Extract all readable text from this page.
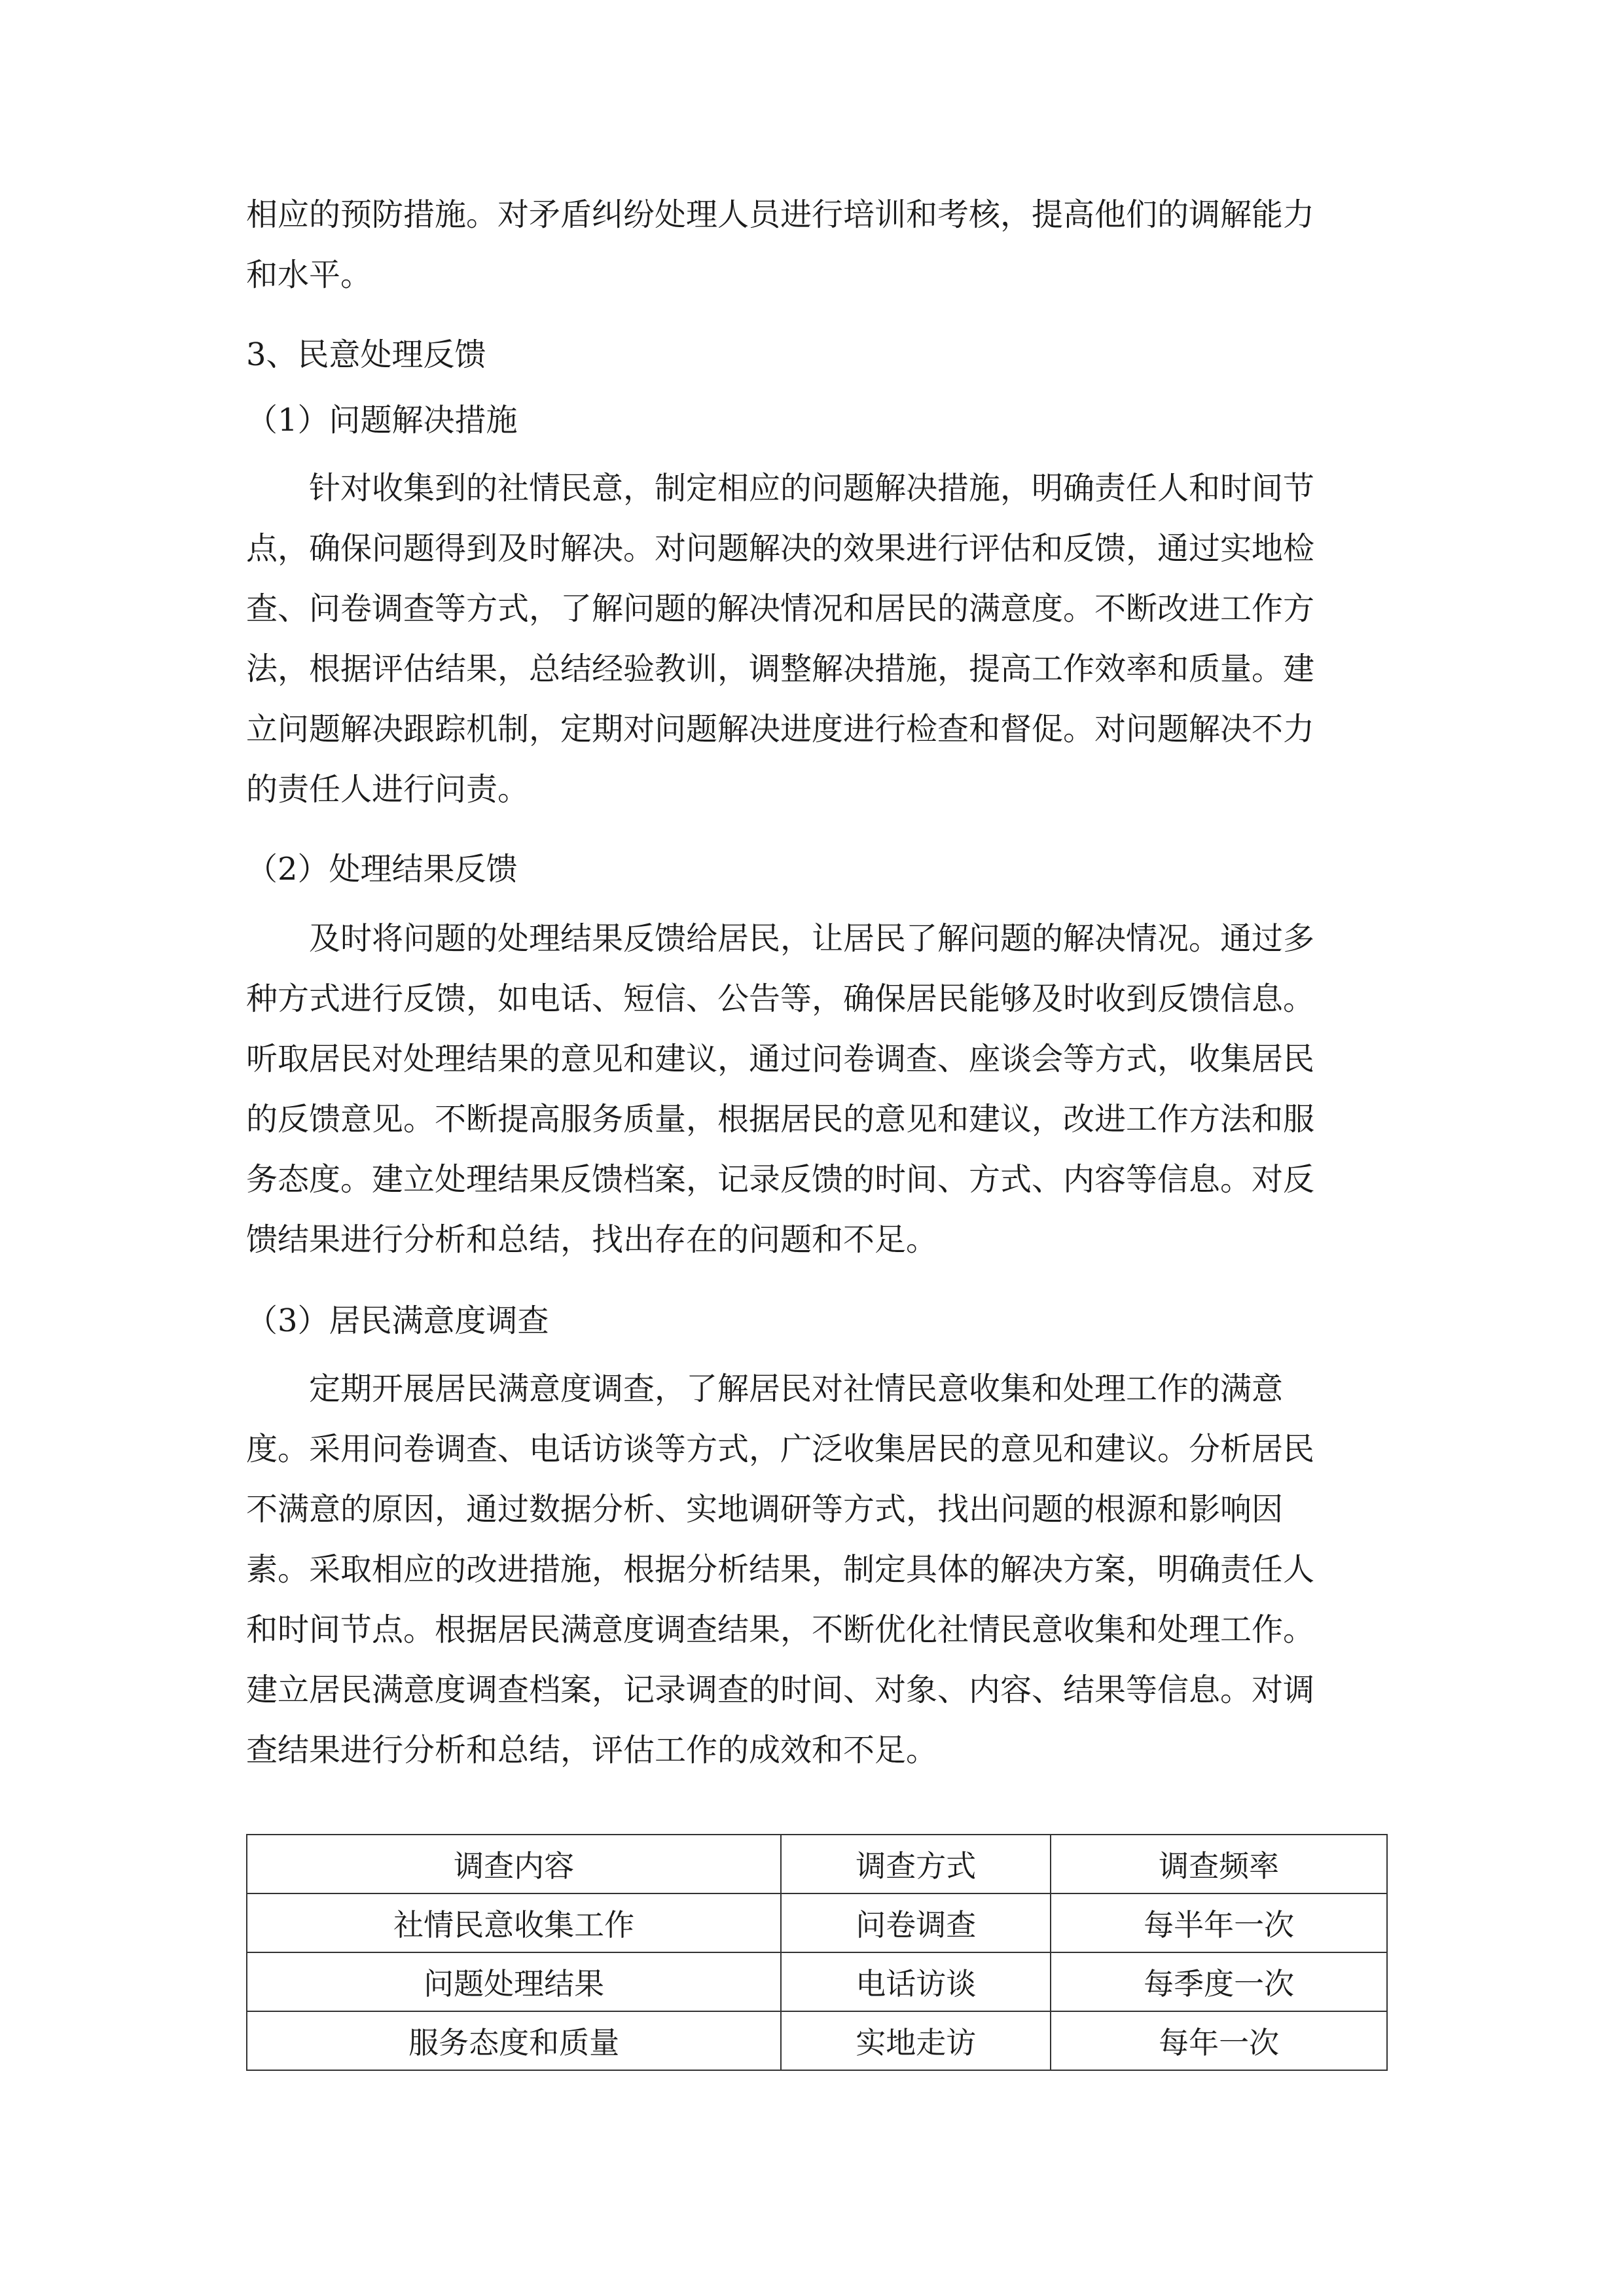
相应的预防措施。对矛盾纠纷处理人员进行培训和考核，提高他们的调解能力
和水平。
3、民意处理反馈
（1）问题解决措施
针对收集到的社情民意，制定相应的问题解决措施，明确责任人和时间节
点，确保问题得到及时解决。对问题解决的效果进行评估和反馈，通过实地检
查、问卷调查等方式，了解问题的解决情况和居民的满意度。不断改进工作方
法，根据评估结果，总结经验教训，调整解决措施，提高工作效率和质量。建
立问题解决跟踪机制，定期对问题解决进度进行检查和督促。对问题解决不力
的责任人进行问责。
（2）处理结果反馈
及时将问题的处理结果反馈给居民，让居民了解问题的解决情况。通过多
种方式进行反馈，如电话、短信、公告等，确保居民能够及时收到反馈信息。
听取居民对处理结果的意见和建议，通过问卷调查、座谈会等方式，收集居民
的反馈意见。不断提高服务质量，根据居民的意见和建议，改进工作方法和服
务态度。建立处理结果反馈档案，记录反馈的时间、方式、内容等信息。对反
馈结果进行分析和总结，找出存在的问题和不足。
（3）居民满意度调查
定期开展居民满意度调查，了解居民对社情民意收集和处理工作的满意
度。采用问卷调查、电话访谈等方式，广泛收集居民的意见和建议。分析居民
不满意的原因，通过数据分析、实地调研等方式，找出问题的根源和影响因
素。采取相应的改进措施，根据分析结果，制定具体的解决方案，明确责任人
和时间节点。根据居民满意度调查结果，不断优化社情民意收集和处理工作。
建立居民满意度调查档案，记录调查的时间、对象、内容、结果等信息。对调
查结果进行分析和总结，评估工作的成效和不足。
调查内容	调查方式	调查频率
社情民意收集工作	问卷调查	每半年一次
问题处理结果	电话访谈	每季度一次
服务态度和质量	实地走访	每年一次
